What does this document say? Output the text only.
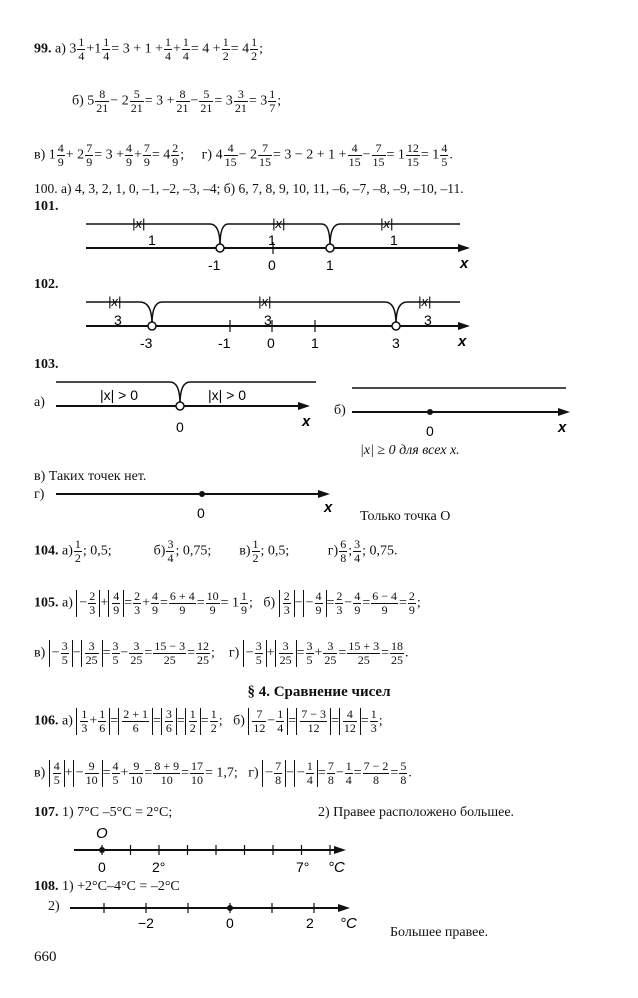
99. а) $3 \frac{1}{4} +1 \frac{1}{4} = 3 + 1 + \frac{1}{4} + \frac{1}{4} = 4 + \frac{1}{2} = 4 \frac{1}{2}$ ;
б) $5 \frac{8}{21} - 2 \frac{5}{21} = 3 + \frac{8}{21} - \frac{5}{21} = 3 \frac{3}{21} = 3 \frac{1}{7}$ ;
в) $1 \frac{4}{9} + 2 \frac{7}{9} = 3 + \frac{4}{9} + \frac{7}{9} = 4 \frac{2}{9}$ ;     г) $4 \frac{4}{15} - 2 \frac{7}{15} = 3 - 2 + 1 + \frac{4}{15} - \frac{7}{15} = 1 \frac{12}{15} = 1 \frac{4}{5}$ .
100. а) 4, 3, 2, 1, 0, –1, –2, –3, –4; б) 6, 7, 8, 9, 10, 11, –6, –7, –8, –9, –10, –11.
101.
|x|	|x|	|x|
1	1	1
-1	0	1	x
102.
|x|	|x|	|x|
3	3	3
-3	-1	0	1	3	x
103.
а)	|x| > 0	|x| > 0
0	x
б)
0	x
|x| ≥ 0 для всех x.
в) Таких точек нет.
г)
0	x
Только точка O
104. $а) \frac{1}{2}$ ; 0,5;            $б) \frac{3}{4}$ ; 0,75;        $в) \frac{1}{2}$ ; 0,5;           $г) \frac{6}{8}$ ; $\frac{3}{4}$ ; 0,75.
105. $а) - \frac{2}{3} + \frac{4}{9} = \frac{2}{3} + \frac{4}{9} = \frac{6 + 4}{9} = \frac{10}{9} = 1 \frac{1}{9}$ ;   $б) \frac{2}{3}$ − − $\frac{4}{9} = \frac{2}{3} - \frac{4}{9} = \frac{6 - 4}{9} = \frac{2}{9}$ ;
$в) - \frac{3}{5} - \frac{3}{25} = \frac{3}{5} - \frac{3}{25} = \frac{15 - 3}{25} = \frac{12}{25}$ ;    $г) - \frac{3}{5} + \frac{3}{25} = \frac{3}{5} + \frac{3}{25} = \frac{15 + 3}{25} = \frac{18}{25}$ .
§ 4. Сравнение чисел
106. $а) \frac{1}{3} + \frac{1}{6} = \frac{2 + 1}{6} = \frac{3}{6} = \frac{1}{2} = \frac{1}{2}$ ;   $б) \frac{7}{12} - \frac{1}{4} = \frac{7 - 3}{12} = \frac{4}{12} = \frac{1}{3}$ ;
$в) \frac{4}{5}$ + − $\frac{9}{10} = \frac{4}{5} + \frac{9}{10} = \frac{8 + 9}{10} = \frac{17}{10} = 1,7$;   $г) - \frac{7}{8}$ − − $\frac{1}{4} = \frac{7}{8} - \frac{1}{4} = \frac{7 - 2}{8} = \frac{5}{8}$ .
107. 1) 7°C –5°C = 2°C;	2) Правее расположено большее.
O
0	2°	7° °C
108. 1) +2°C–4°C = –2°C
2)
−2	0	2 °C
Большее правее.
660
